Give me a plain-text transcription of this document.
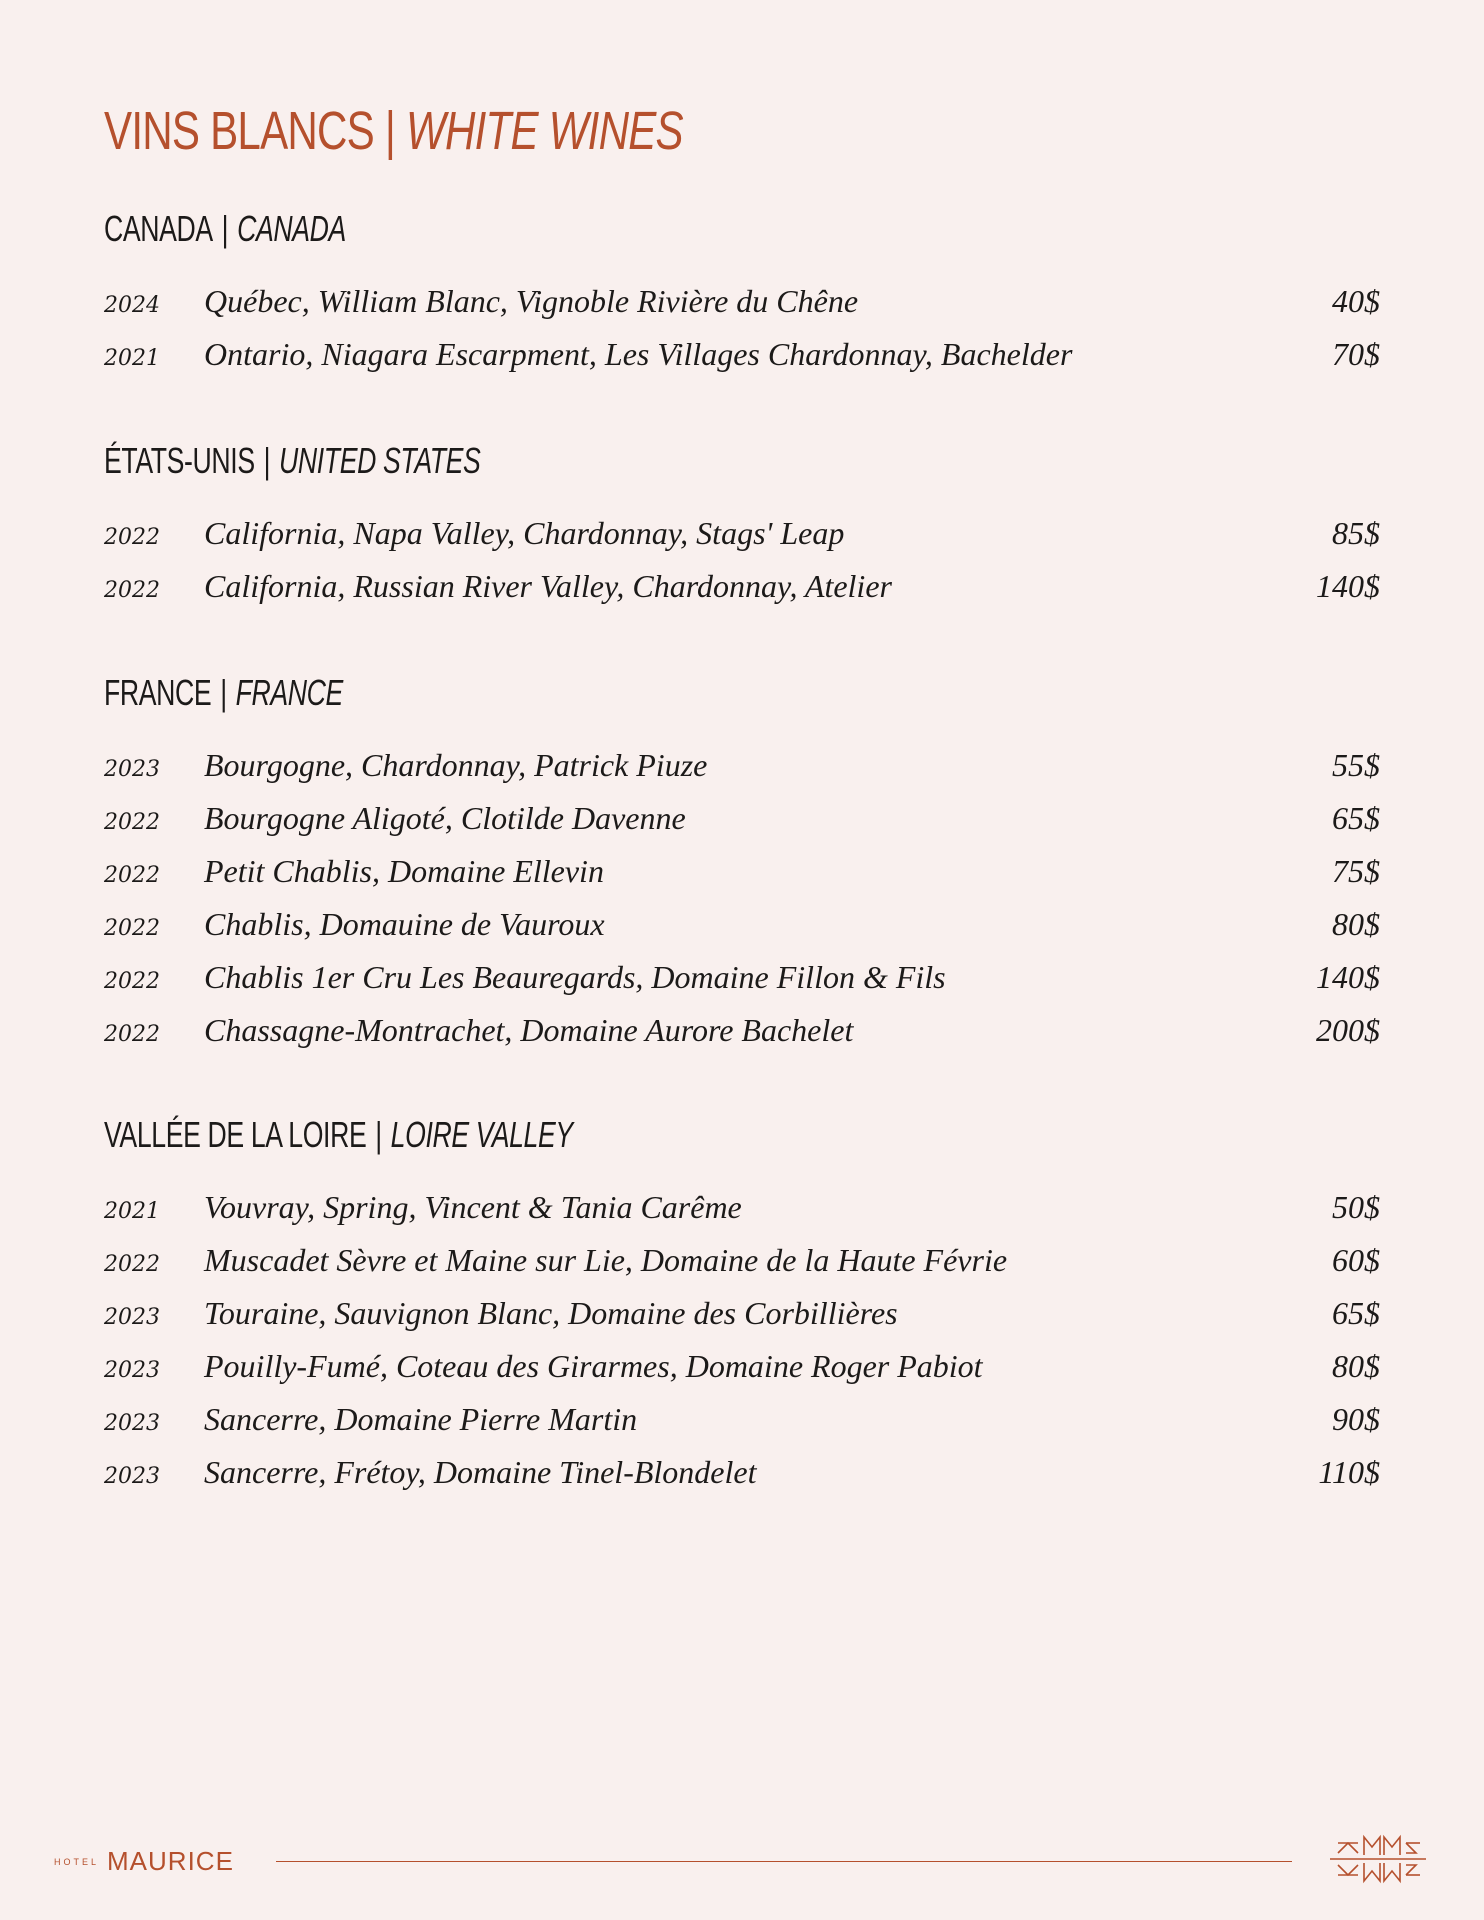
VINS BLANCS | WHITE WINES
CANADA | CANADA
2024 Québec, William Blanc, Vignoble Rivière du Chêne	40$
2021 Ontario, Niagara Escarpment, Les Villages Chardonnay, Bachelder	70$
ÉTATS-UNIS | UNITED STATES
2022 California, Napa Valley, Chardonnay, Stags' Leap	85$
2022 California, Russian River Valley, Chardonnay, Atelier	140$
FRANCE | FRANCE
2023 Bourgogne, Chardonnay, Patrick Piuze	55$
2022 Bourgogne Aligoté, Clotilde Davenne	65$
2022 Petit Chablis, Domaine Ellevin	75$
2022 Chablis, Domauine de Vauroux	80$
2022 Chablis 1er Cru Les Beauregards, Domaine Fillon & Fils	140$
2022 Chassagne-Montrachet, Domaine Aurore Bachelet	200$
VALLÉE DE LA LOIRE | LOIRE VALLEY
2021 Vouvray, Spring, Vincent & Tania Carême	50$
2022 Muscadet Sèvre et Maine sur Lie, Domaine de la Haute Févrie	60$
2023 Touraine, Sauvignon Blanc, Domaine des Corbillières	65$
2023 Pouilly-Fumé, Coteau des Girarmes, Domaine Roger Pabiot	80$
2023 Sancerre, Domaine Pierre Martin	90$
2023 Sancerre, Frétoy, Domaine Tinel-Blondelet	110$
HOTEL MAURICE
